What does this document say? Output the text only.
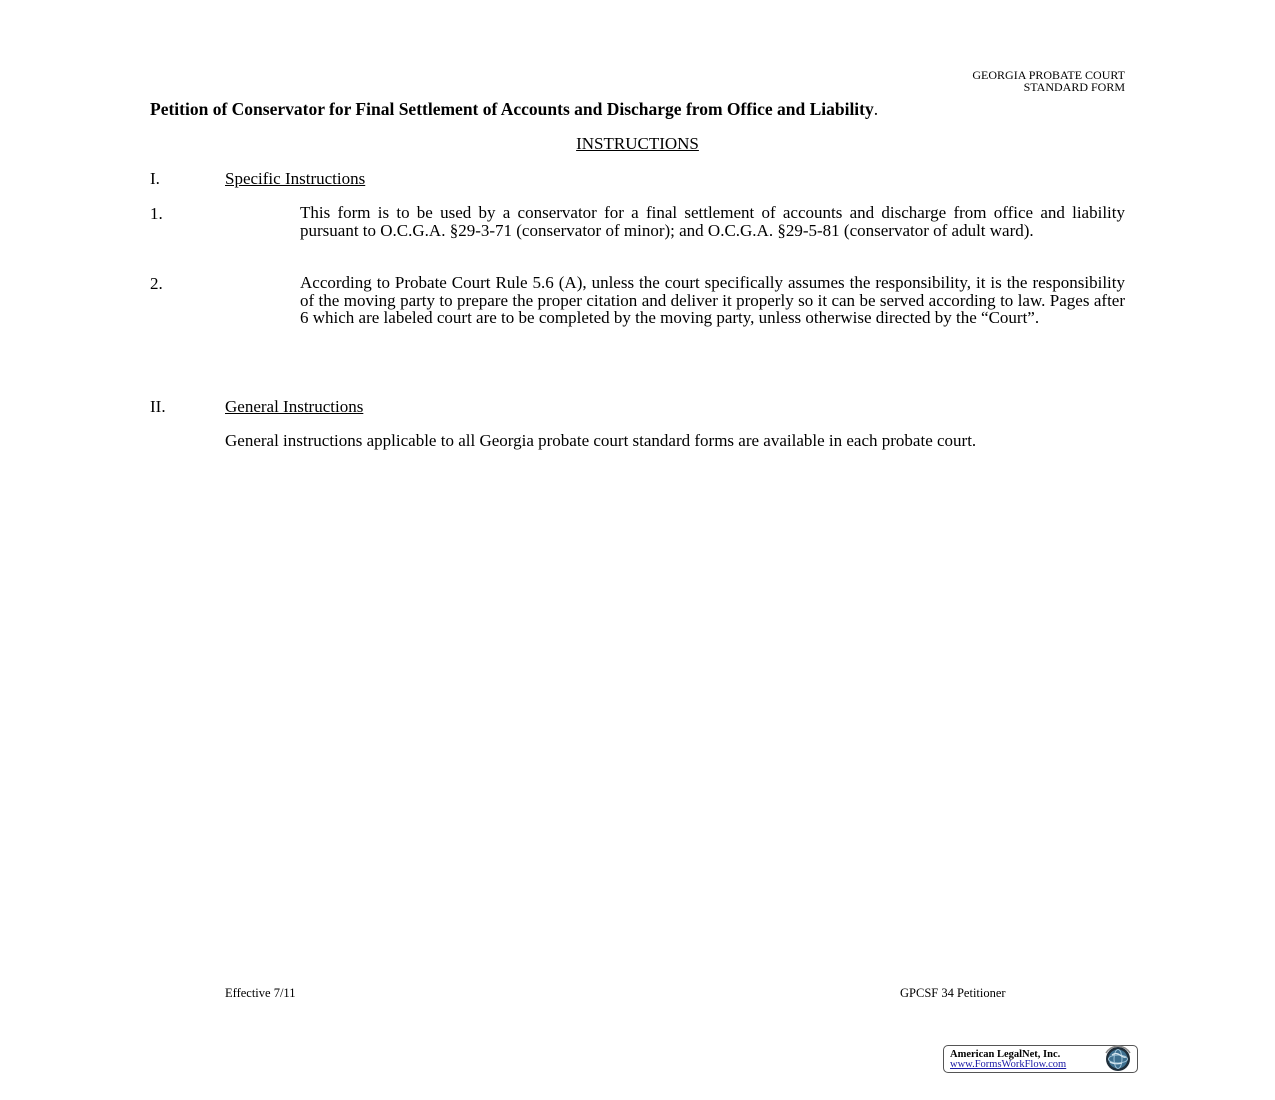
GEORGIA PROBATE COURT
STANDARD FORM
Petition of Conservator for Final Settlement of Accounts and Discharge from Office and Liability.
INSTRUCTIONS
I.	Specific Instructions
1.	This form is to be used by a conservator for a final settlement of accounts and discharge from office and liability pursuant to O.C.G.A. §29-3-71 (conservator of minor); and O.C.G.A. §29-5-81 (conservator of adult ward).
2.	According to Probate Court Rule 5.6 (A), unless the court specifically assumes the responsibility, it is the responsibility of the moving party to prepare the proper citation and deliver it properly so it can be served according to law. Pages after 6 which are labeled court are to be completed by the moving party, unless otherwise directed by the “Court”.
II.	General Instructions
General instructions applicable to all Georgia probate court standard forms are available in each probate court.
Effective 7/11	GPCSF 34 Petitioner
American LegalNet, Inc.
www.FormsWorkFlow.com
